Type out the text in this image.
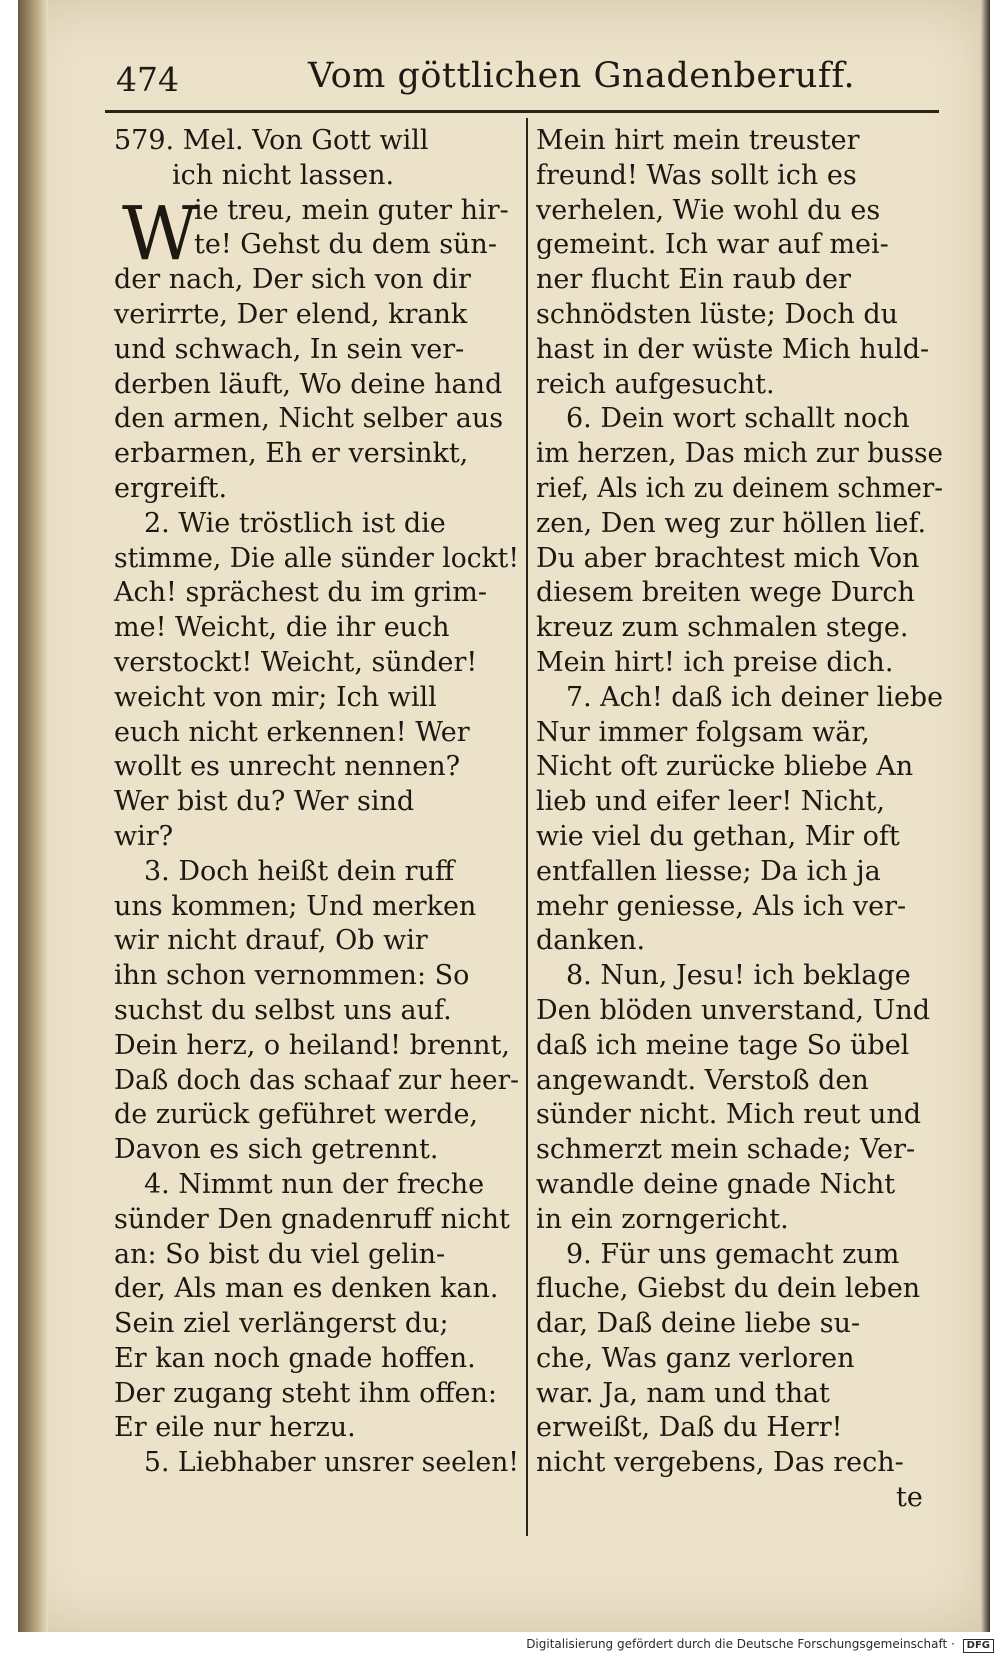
474	Vom göttlichen Gnadenberuff.
W
579. Mel. Von Gott will
ich nicht lassen.
ie treu, mein guter hir-
te! Gehst du dem sün-
der nach, Der sich von dir
verirrte, Der elend, krank
und schwach, In sein ver-
derben läuft, Wo deine hand
den armen, Nicht selber aus
erbarmen, Eh er versinkt,
ergreift.
2. Wie tröstlich ist die
stimme, Die alle sünder lockt!
Ach! sprächest du im grim-
me! Weicht, die ihr euch
verstockt! Weicht, sünder!
weicht von mir; Ich will
euch nicht erkennen! Wer
wollt es unrecht nennen?
Wer bist du? Wer sind
wir?
3. Doch heißt dein ruff
uns kommen; Und merken
wir nicht drauf, Ob wir
ihn schon vernommen: So
suchst du selbst uns auf.
Dein herz, o heiland! brennt,
Daß doch das schaaf zur heer-
de zurück geführet werde,
Davon es sich getrennt.
4. Nimmt nun der freche
sünder Den gnadenruff nicht
an: So bist du viel gelin-
der, Als man es denken kan.
Sein ziel verlängerst du;
Er kan noch gnade hoffen.
Der zugang steht ihm offen:
Er eile nur herzu.
5. Liebhaber unsrer seelen!
Mein hirt mein treuster
freund! Was sollt ich es
verhelen, Wie wohl du es
gemeint. Ich war auf mei-
ner flucht Ein raub der
schnödsten lüste; Doch du
hast in der wüste Mich huld-
reich aufgesucht.
6. Dein wort schallt noch
im herzen, Das mich zur busse
rief, Als ich zu deinem schmer-
zen, Den weg zur höllen lief.
Du aber brachtest mich Von
diesem breiten wege Durch
kreuz zum schmalen stege.
Mein hirt! ich preise dich.
7. Ach! daß ich deiner liebe
Nur immer folgsam wär,
Nicht oft zurücke bliebe An
lieb und eifer leer! Nicht,
wie viel du gethan, Mir oft
entfallen liesse; Da ich ja
mehr geniesse, Als ich ver-
danken.
8. Nun, Jesu! ich beklage
Den blöden unverstand, Und
daß ich meine tage So übel
angewandt. Verstoß den
sünder nicht. Mich reut und
schmerzt mein schade; Ver-
wandle deine gnade Nicht
in ein zorngericht.
9. Für uns gemacht zum
fluche, Giebst du dein leben
dar, Daß deine liebe su-
che, Was ganz verloren
war. Ja, nam und that
erweißt, Daß du Herr!
nicht vergebens, Das rech-
te
Digitalisierung gefördert durch die Deutsche Forschungsgemeinschaft · DFG
